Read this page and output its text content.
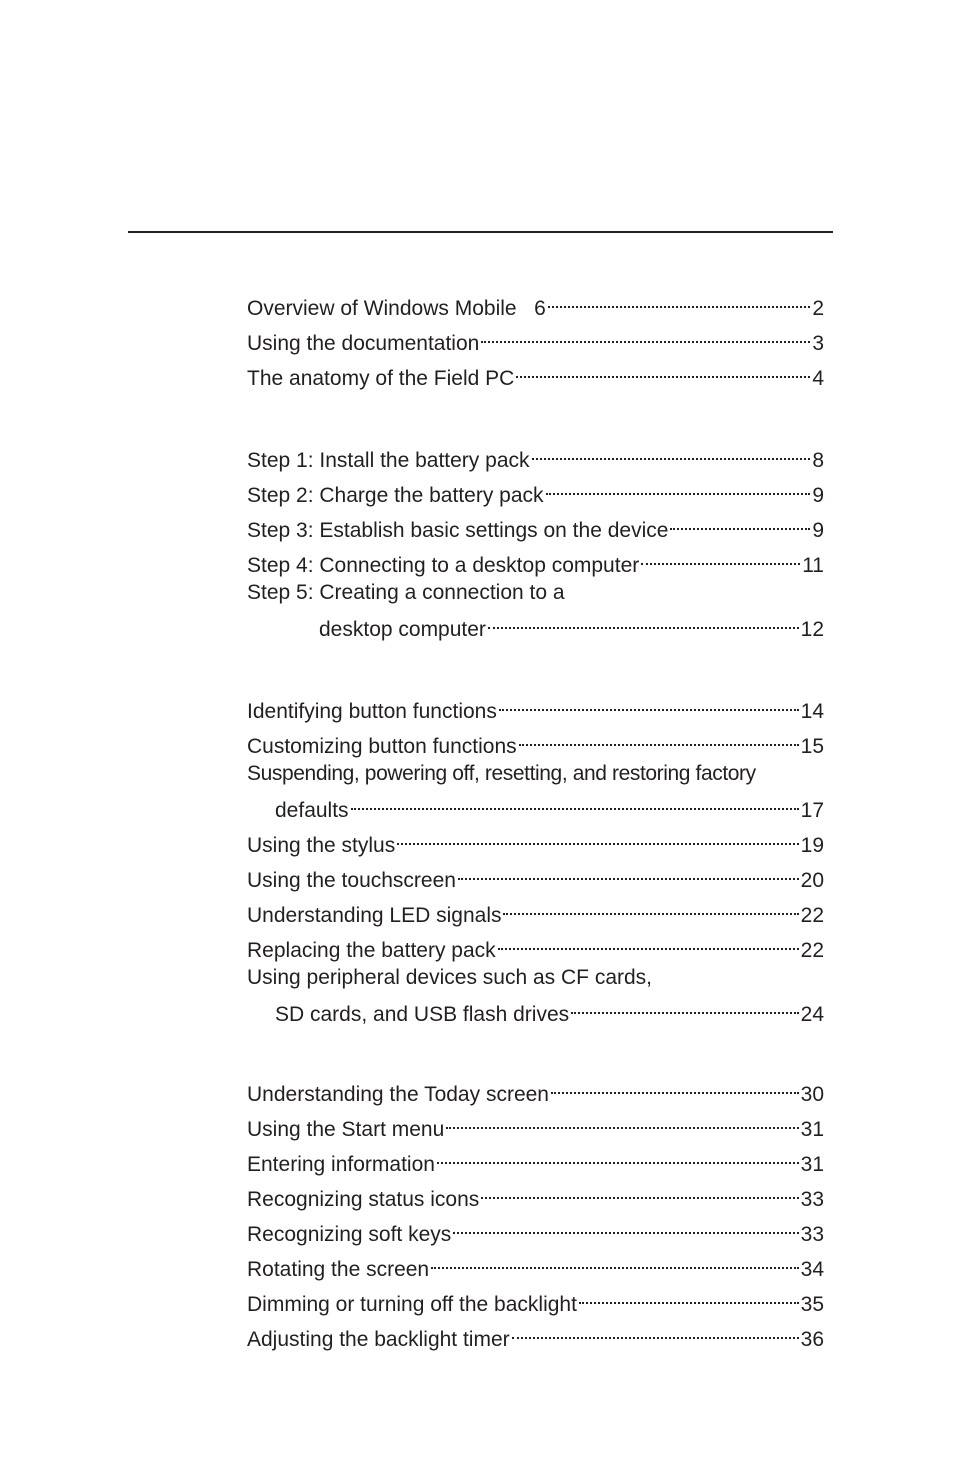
Overview of Windows Mobile   6	2
Using the documentation	3
The anatomy of the Field PC	4
Step 1: Install the battery pack	8
Step 2: Charge the battery pack	9
Step 3: Establish basic settings on the device	9
Step 4: Connecting to a desktop computer	11
Step 5: Creating a connection to a
desktop computer	12
Identifying button functions	14
Customizing button functions	15
Suspending, powering off, resetting, and restoring factory
defaults	17
Using the stylus	19
Using the touchscreen	20
Understanding LED signals	22
Replacing the battery pack	22
Using peripheral devices such as CF cards,
SD cards, and USB flash drives	24
Understanding the Today screen	30
Using the Start menu	31
Entering information	31
Recognizing status icons	33
Recognizing soft keys	33
Rotating the screen	34
Dimming or turning off the backlight	35
Adjusting the backlight timer	36
